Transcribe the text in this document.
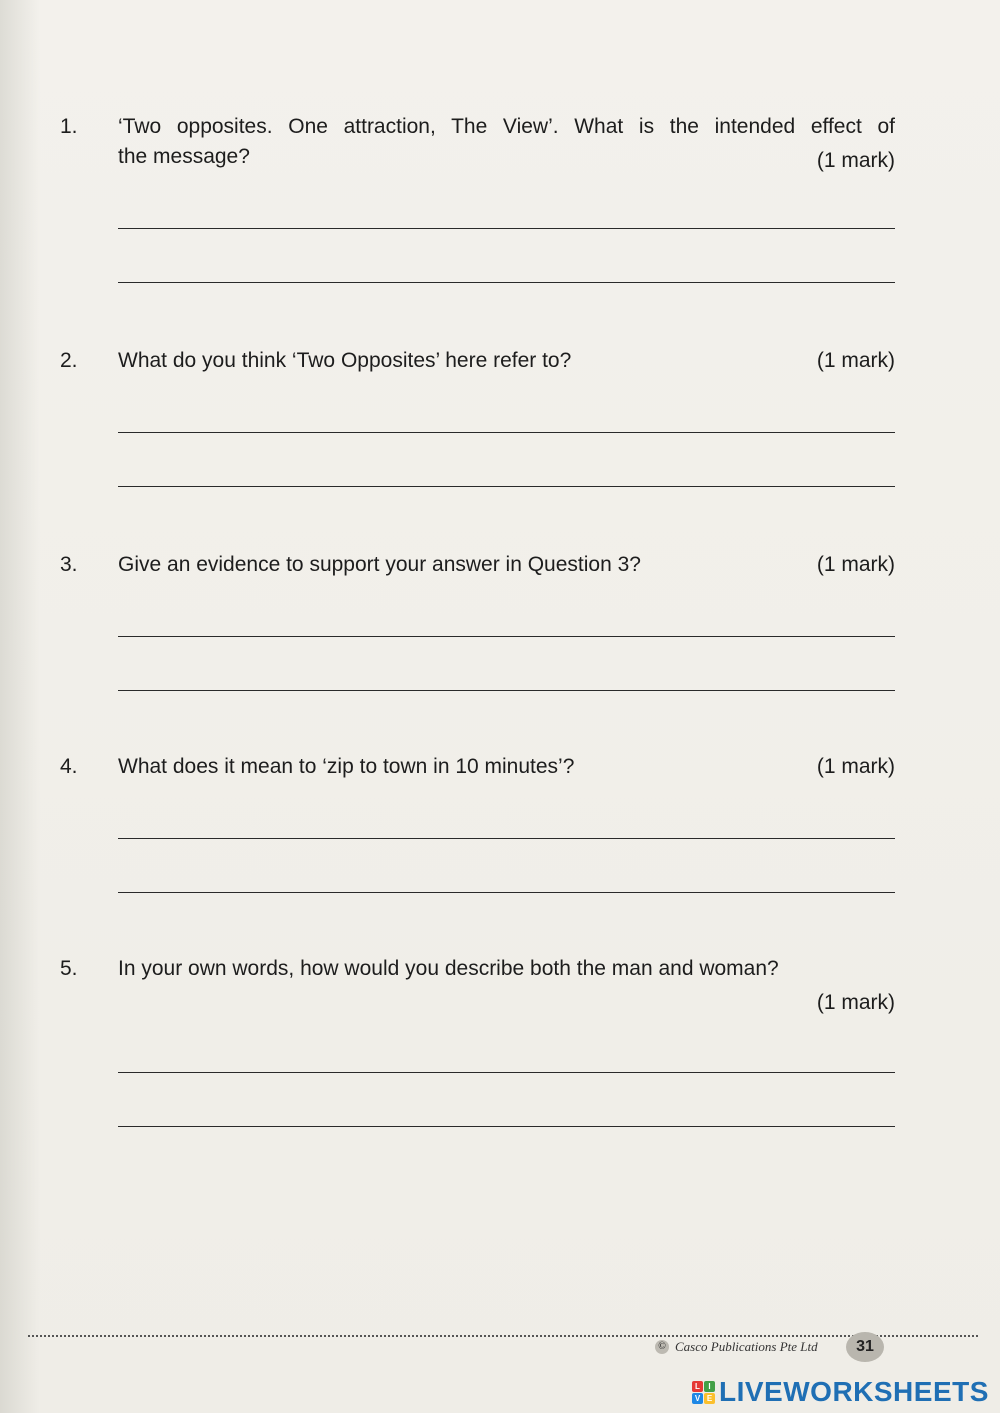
1. ‘Two opposites. One attraction, The View’. What is the intended effect of
the message?	(1 mark)
2. What do you think ‘Two Opposites’ here refer to?	(1 mark)
3. Give an evidence to support your answer in Question 3?	(1 mark)
4. What does it mean to ‘zip to town in 10 minutes’?	(1 mark)
5. In your own words, how would you describe both the man and woman?
(1 mark)
© Casco Publications Pte Ltd	31
L	I
V E LIVEWORKSHEETS
